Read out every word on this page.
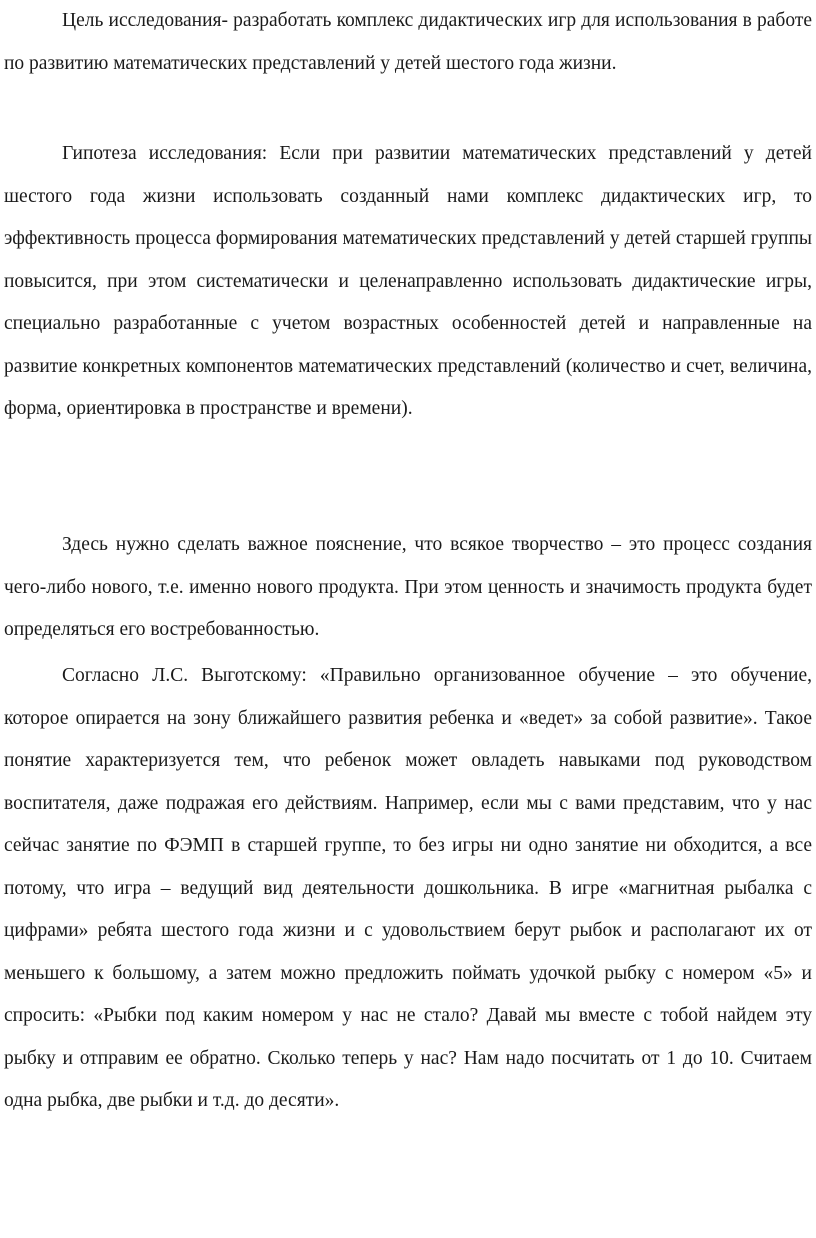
Цель исследования- разработать комплекс дидактических игр для использования в работе по развитию математических представлений у детей шестого года жизни.

Гипотеза исследования: Если при развитии математических представлений у детей шестого года жизни использовать созданный нами комплекс дидактических игр, то эффективность процесса формирования математических представлений у детей старшей группы повысится, при этом систематически и целенаправленно использовать дидактические игры, специально разработанные с учетом возрастных особенностей детей и направленные на развитие конкретных компонентов математических представлений (количество и счет, величина, форма, ориентировка в пространстве и времени).

Здесь нужно сделать важное пояснение, что всякое творчество – это процесс создания чего-либо нового, т.е. именно нового продукта. При этом ценность и значимость продукта будет определяться его востребованностью.

Согласно Л.С. Выготскому: «Правильно организованное обучение – это обучение, которое опирается на зону ближайшего развития ребенка и «ведет» за собой развитие». Такое понятие характеризуется тем, что ребенок может овладеть навыками под руководством воспитателя, даже подражая его действиям. Например, если мы с вами представим, что у нас сейчас занятие по ФЭМП в старшей группе, то без игры ни одно занятие ни обходится, а все потому, что игра – ведущий вид деятельности дошкольника. В игре «магнитная рыбалка с цифрами» ребята шестого года жизни и с удовольствием берут рыбок и располагают их от меньшего к большому, а затем можно предложить поймать удочкой рыбку с номером «5» и спросить: «Рыбки под каким номером у нас не стало? Давай мы вместе с тобой найдем эту рыбку и отправим ее обратно. Сколько теперь у нас? Нам надо посчитать от 1 до 10. Считаем одна рыбка, две рыбки и т.д. до десяти».
